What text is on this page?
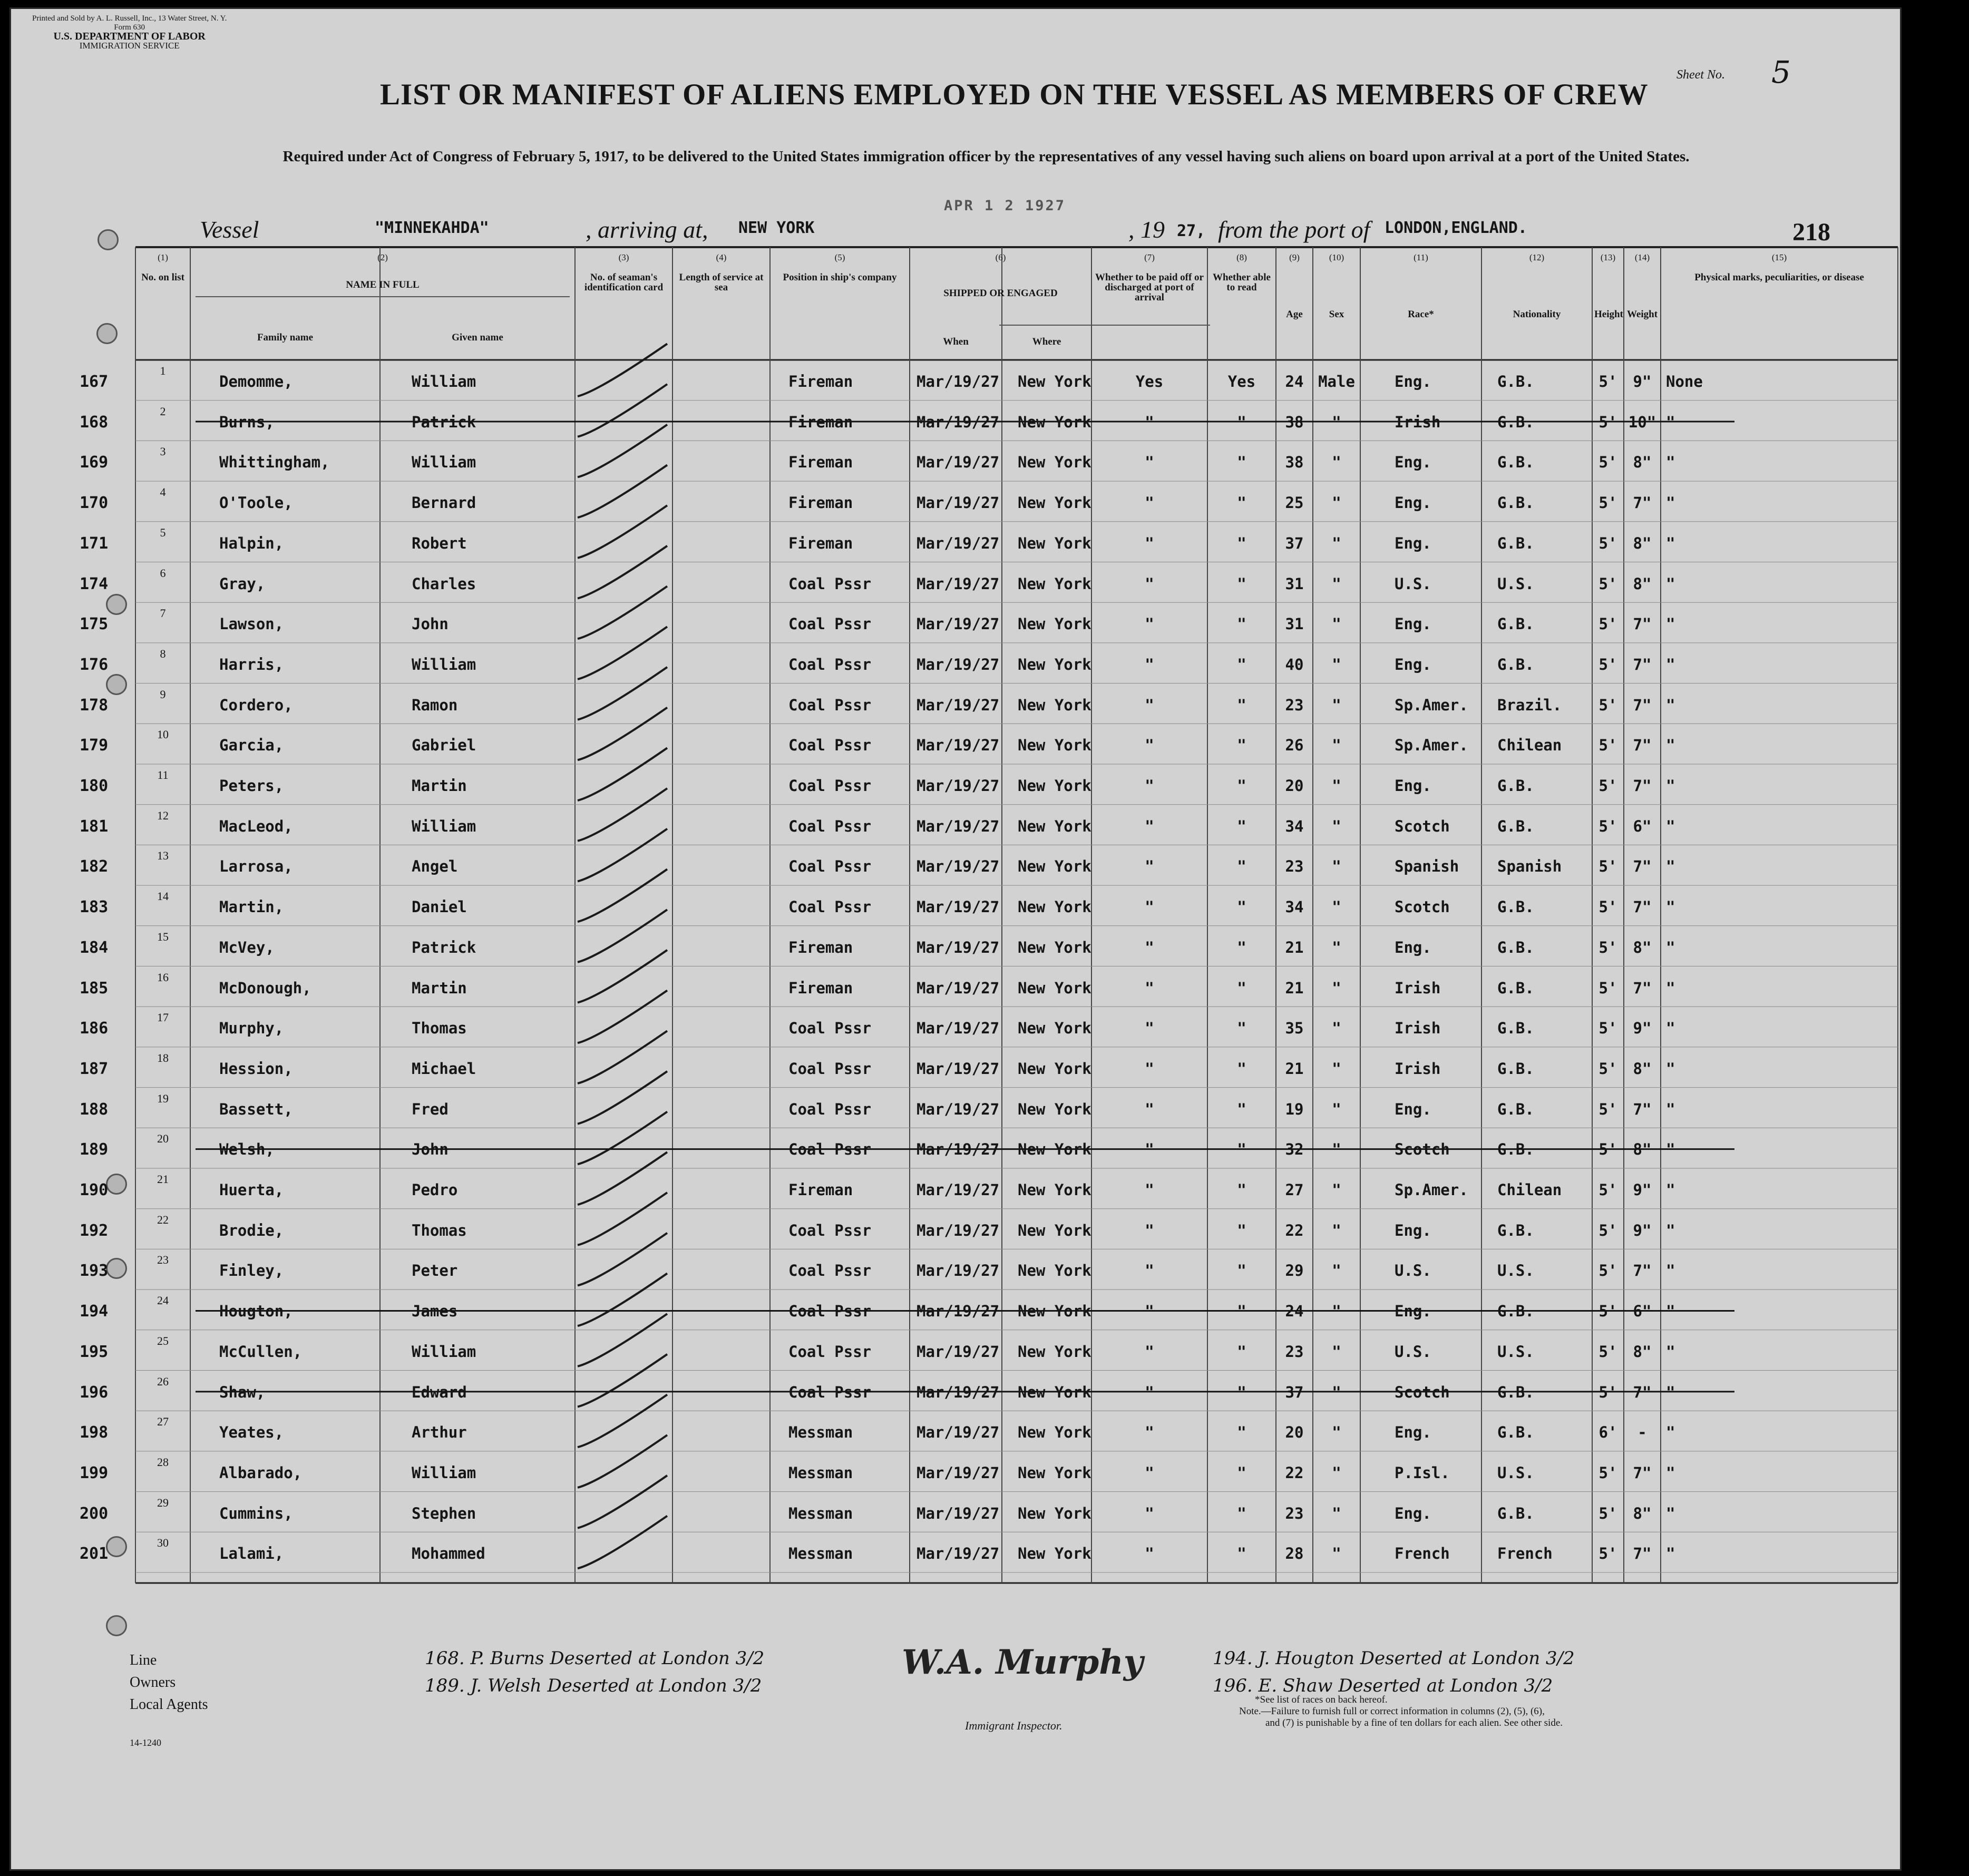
Printed and Sold by A. L. Russell, Inc., 13 Water Street, N. Y.
Form 630
U.S. DEPARTMENT OF LABOR
IMMIGRATION SERVICE
LIST OR MANIFEST OF ALIENS EMPLOYED ON THE VESSEL AS MEMBERS OF CREW
Sheet No. 5
Required under Act of Congress of February 5, 1917, to be delivered to the United States immigration officer by the representatives of any vessel having such aliens on board upon arrival at a port of the United States.
Vessel	"MINNEKAHDA"	, arriving at, NEW YORK
APR 1 2 1927
, 19 27, from the port of LONDON,ENGLAND.	218
(1)
No. on list
(2)
NAME IN FULL
(3)
No. of seaman's identification card
(4)
Length of service at sea
(5)
Position in ship's company
(6)
SHIPPED OR ENGAGED
(7)
Whether to be paid off or discharged at port of arrival
(8)
Whether able to read
(9)
Age
(10)
Sex
(11)
Race*
(12)
Nationality
(13)
Height
(14)
Weight
(15)
Physical marks, peculiarities, or disease
Family name	Given name	When	Where
167
1
Demomme,	William	Fireman	Mar/19/27	New York	Yes	Yes	24 Male	Eng.	G.B.	5'	9" None
168
2
Burns,	Patrick	Fireman	Mar/19/27	New York	"	"	38	"	Irish	G.B.	5' 10" "
169
3
Whittingham,	William	Fireman	Mar/19/27	New York	"	"	38	"	Eng.	G.B.	5'	8" "
170
4
O'Toole,	Bernard	Fireman	Mar/19/27	New York	"	"	25	"	Eng.	G.B.	5'	7" "
171
5
Halpin,	Robert	Fireman	Mar/19/27	New York	"	"	37	"	Eng.	G.B.	5'	8" "
174
6
Gray,	Charles	Coal Pssr	Mar/19/27	New York	"	"	31	"	U.S.	U.S.	5'	8" "
175
7
Lawson,	John	Coal Pssr	Mar/19/27	New York	"	"	31	"	Eng.	G.B.	5'	7" "
176
8
Harris,	William	Coal Pssr	Mar/19/27	New York	"	"	40	"	Eng.	G.B.	5'	7" "
178
9
Cordero,	Ramon	Coal Pssr	Mar/19/27	New York	"	"	23	"	Sp.Amer.	Brazil.	5'	7" "
179
10
Garcia,	Gabriel	Coal Pssr	Mar/19/27	New York	"	"	26	"	Sp.Amer.	Chilean	5'	7" "
180
11
Peters,	Martin	Coal Pssr	Mar/19/27	New York	"	"	20	"	Eng.	G.B.	5'	7" "
181
12
MacLeod,	William	Coal Pssr	Mar/19/27	New York	"	"	34	"	Scotch	G.B.	5'	6" "
182
13
Larrosa,	Angel	Coal Pssr	Mar/19/27	New York	"	"	23	"	Spanish	Spanish	5'	7" "
183
14
Martin,	Daniel	Coal Pssr	Mar/19/27	New York	"	"	34	"	Scotch	G.B.	5'	7" "
184
15
McVey,	Patrick	Fireman	Mar/19/27	New York	"	"	21	"	Eng.	G.B.	5'	8" "
185
16
McDonough,	Martin	Fireman	Mar/19/27	New York	"	"	21	"	Irish	G.B.	5'	7" "
186
17
Murphy,	Thomas	Coal Pssr	Mar/19/27	New York	"	"	35	"	Irish	G.B.	5'	9" "
187
18
Hession,	Michael	Coal Pssr	Mar/19/27	New York	"	"	21	"	Irish	G.B.	5'	8" "
188
19
Bassett,	Fred	Coal Pssr	Mar/19/27	New York	"	"	19	"	Eng.	G.B.	5'	7" "
189
20
Welsh,	John	Coal Pssr	Mar/19/27	New York	"	"	32	"	Scotch	G.B.	5'	8" "
190
21
Huerta,	Pedro	Fireman	Mar/19/27	New York	"	"	27	"	Sp.Amer.	Chilean	5'	9" "
192
22
Brodie,	Thomas	Coal Pssr	Mar/19/27	New York	"	"	22	"	Eng.	G.B.	5'	9" "
193
23
Finley,	Peter	Coal Pssr	Mar/19/27	New York	"	"	29	"	U.S.	U.S.	5'	7" "
194
24
Hougton,	James	Coal Pssr	Mar/19/27	New York	"	"	24	"	Eng.	G.B.	5'	6" "
195
25
McCullen,	William	Coal Pssr	Mar/19/27	New York	"	"	23	"	U.S.	U.S.	5'	8" "
196
26
Shaw,	Edward	Coal Pssr	Mar/19/27	New York	"	"	37	"	Scotch	G.B.	5'	7" "
198
27
Yeates,	Arthur	Messman	Mar/19/27	New York	"	"	20	"	Eng.	G.B.	6'	-	"
199
28
Albarado,	William	Messman	Mar/19/27	New York	"	"	22	"	P.Isl.	U.S.	5'	7" "
200
29
Cummins,	Stephen	Messman	Mar/19/27	New York	"	"	23	"	Eng.	G.B.	5'	8" "
201
30
Lalami,	Mohammed	Messman	Mar/19/27	New York	"	"	28	"	French	French	5'	7" "
Line
Owners
Local Agents
14-1240
168. P. Burns Deserted at London 3/2
189. J. Welsh Deserted at London 3/2
W.A. Murphy
Immigrant Inspector.
194. J. Hougton Deserted at London 3/2
196. E. Shaw Deserted at London 3/2
*See list of races on back hereof.
Note.—Failure to furnish full or correct information in columns (2), (5), (6),
and (7) is punishable by a fine of ten dollars for each alien. See other side.
